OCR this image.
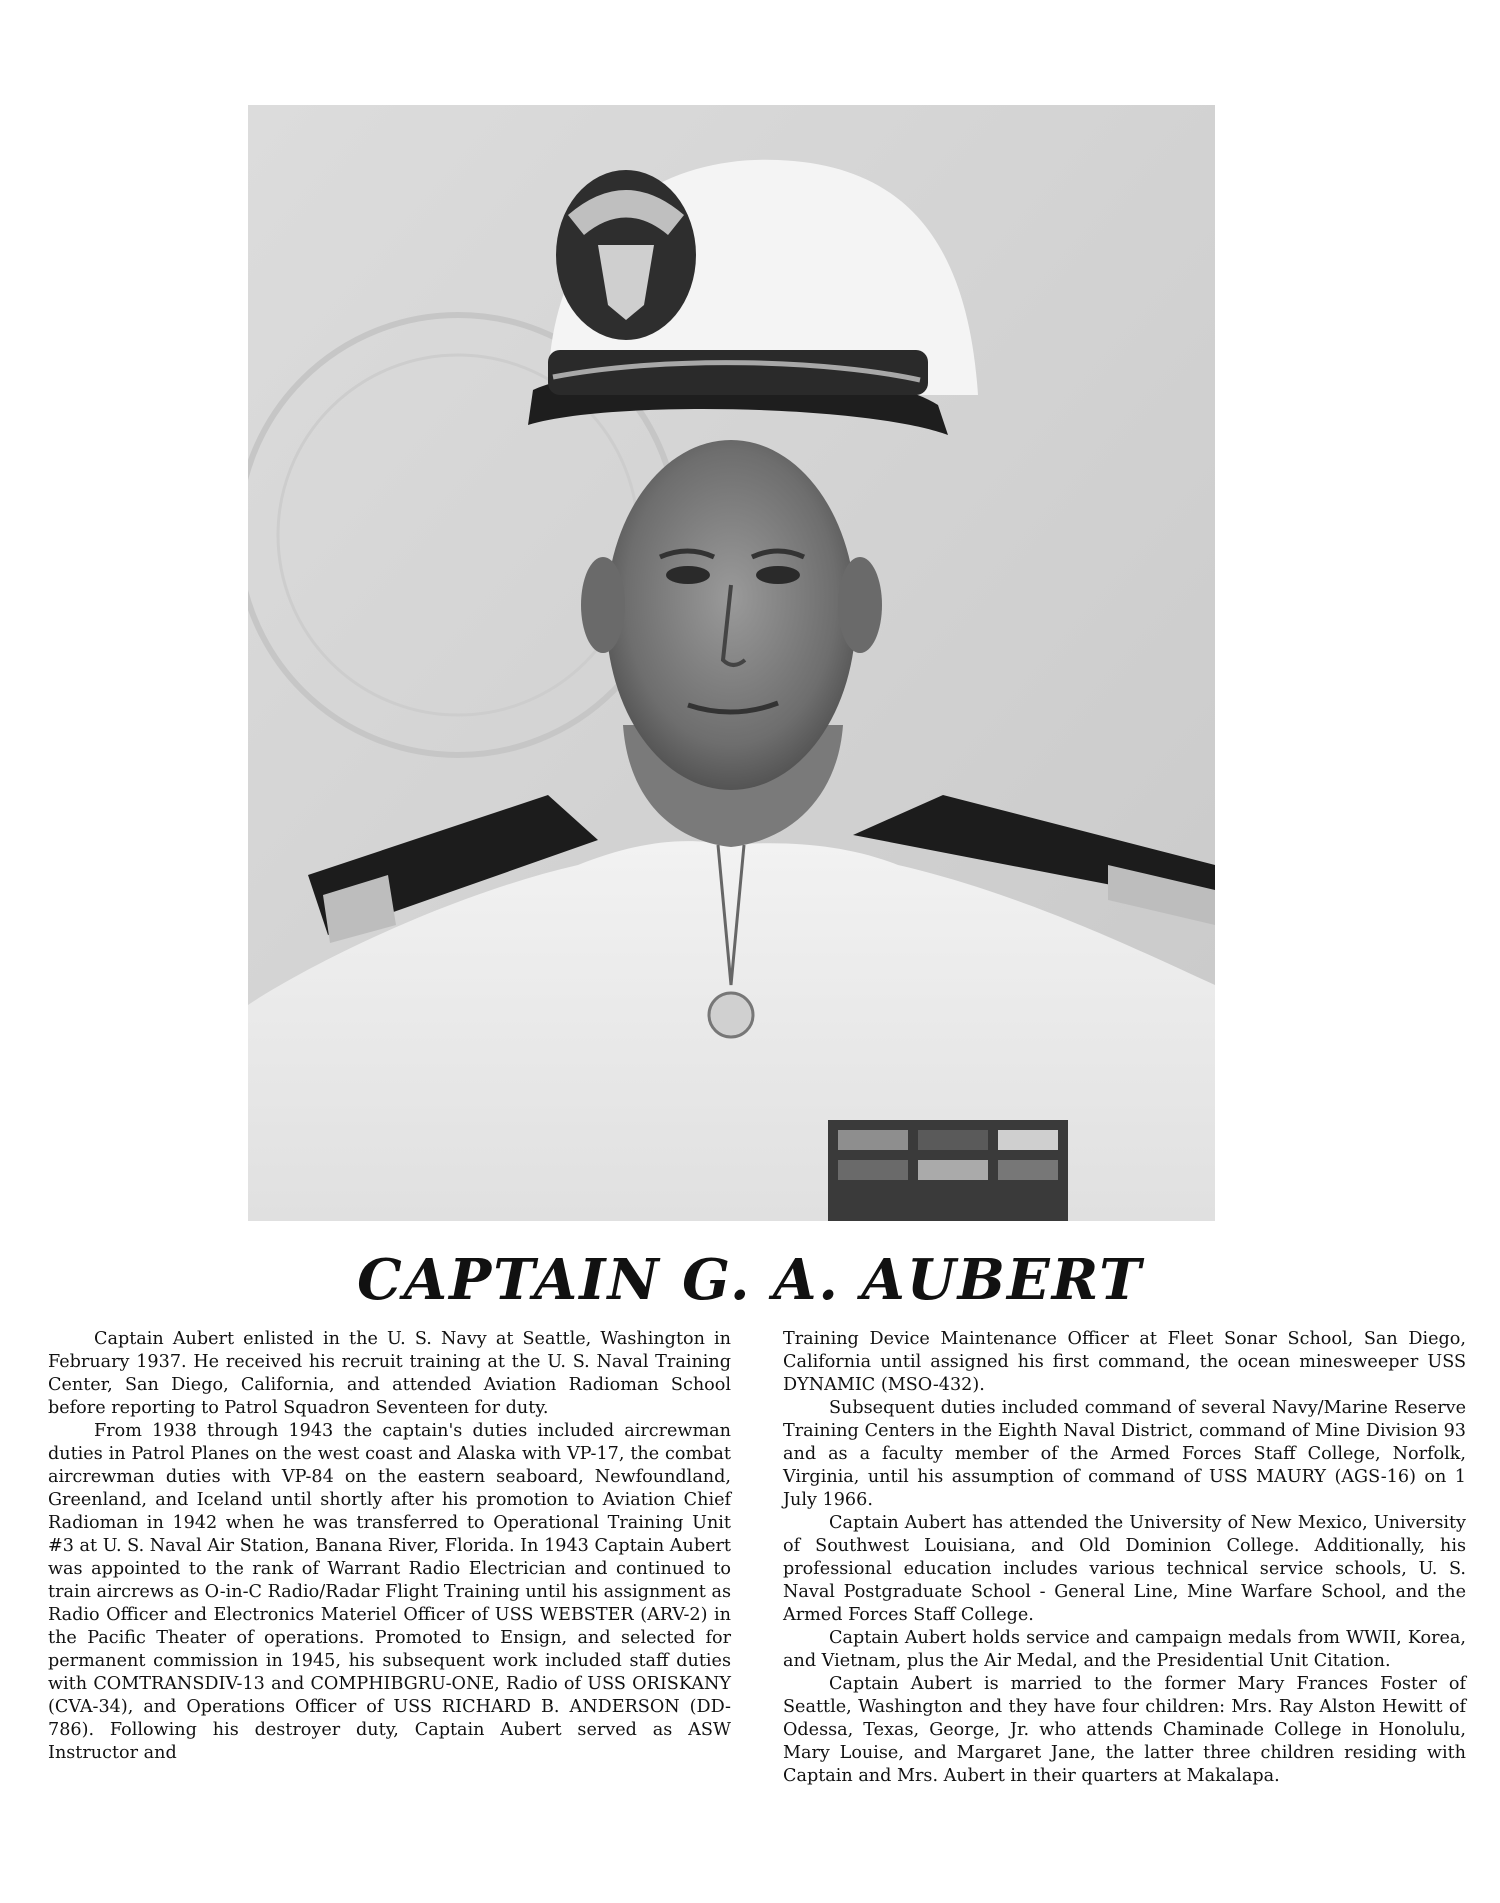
CAPTAIN G. A. AUBERT

Captain Aubert enlisted in the U. S. Navy at Seattle, Washington in February 1937. He received his recruit training at the U. S. Naval Training Center, San Diego, California, and attended Aviation Radioman School before reporting to Patrol Squadron Seventeen for duty.

From 1938 through 1943 the captain's duties included aircrewman duties in Patrol Planes on the west coast and Alaska with VP-17, the combat aircrewman duties with VP-84 on the eastern seaboard, Newfoundland, Greenland, and Iceland until shortly after his promotion to Aviation Chief Radioman in 1942 when he was transferred to Operational Training Unit #3 at U. S. Naval Air Station, Banana River, Florida. In 1943 Captain Aubert was appointed to the rank of Warrant Radio Electrician and continued to train aircrews as O-in-C Radio/Radar Flight Training until his assignment as Radio Officer and Electronics Materiel Officer of USS WEBSTER (ARV-2) in the Pacific Theater of operations. Promoted to Ensign, and selected for permanent commission in 1945, his subsequent work included staff duties with COMTRANSDIV-13 and COMPHIBGRU-ONE, Radio of USS ORISKANY (CVA-34), and Operations Officer of USS RICHARD B. ANDERSON (DD-786). Following his destroyer duty, Captain Aubert served as ASW Instructor and

Training Device Maintenance Officer at Fleet Sonar School, San Diego, California until assigned his first command, the ocean minesweeper USS DYNAMIC (MSO-432).

Subsequent duties included command of several Navy/Marine Reserve Training Centers in the Eighth Naval District, command of Mine Division 93 and as a faculty member of the Armed Forces Staff College, Norfolk, Virginia, until his assumption of command of USS MAURY (AGS-16) on 1 July 1966.

Captain Aubert has attended the University of New Mexico, University of Southwest Louisiana, and Old Dominion College. Additionally, his professional education includes various technical service schools, U. S. Naval Postgraduate School - General Line, Mine Warfare School, and the Armed Forces Staff College.

Captain Aubert holds service and campaign medals from WWII, Korea, and Vietnam, plus the Air Medal, and the Presidential Unit Citation.

Captain Aubert is married to the former Mary Frances Foster of Seattle, Washington and they have four children: Mrs. Ray Alston Hewitt of Odessa, Texas, George, Jr. who attends Chaminade College in Honolulu, Mary Louise, and Margaret Jane, the latter three children residing with Captain and Mrs. Aubert in their quarters at Makalapa.
